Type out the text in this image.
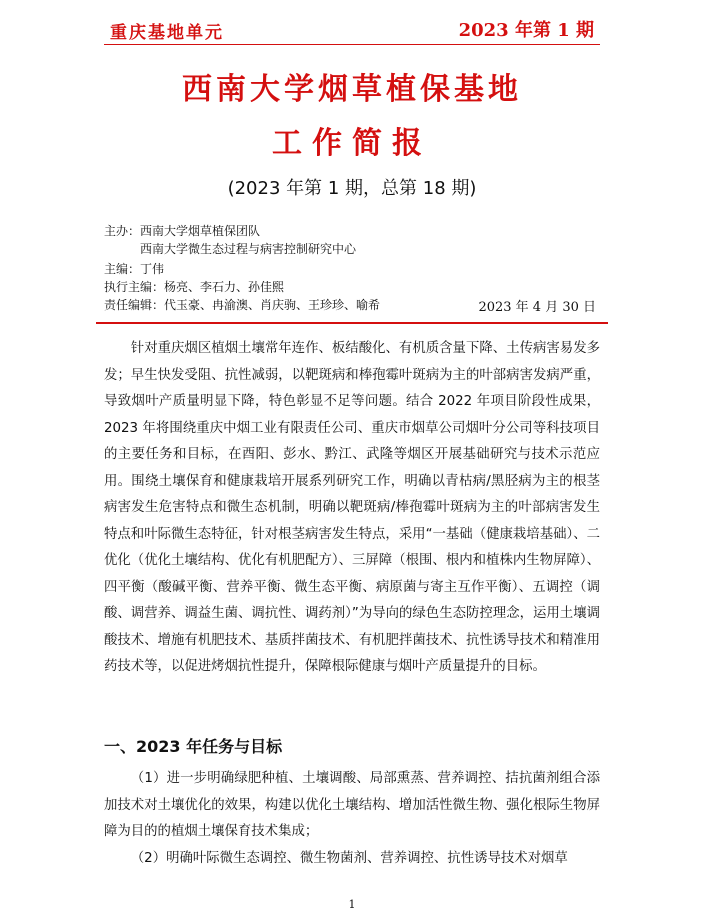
重庆基地单元	2023 年第 1 期
西南大学烟草植保基地
工作简报
(2023 年第 1 期，总第 18 期)
主办：西南大学烟草植保团队
西南大学微生态过程与病害控制研究中心
主编：丁伟
执行主编：杨亮、李石力、孙佳熙
责任编辑：代玉豪、冉渝澳、肖庆驹、王珍珍、喻希	2023 年 4 月 30 日
针对重庆烟区植烟土壤常年连作、板结酸化、有机质含量下降、土传病害易发多发；早生快发受阻、抗性减弱，以靶斑病和棒孢霉叶斑病为主的叶部病害发病严重，导致烟叶产质量明显下降，特色彰显不足等问题。结合 2022 年项目阶段性成果，2023 年将围绕重庆中烟工业有限责任公司、重庆市烟草公司烟叶分公司等科技项目的主要任务和目标，在酉阳、彭水、黔江、武隆等烟区开展基础研究与技术示范应用。围绕土壤保育和健康栽培开展系列研究工作，明确以青枯病/黑胫病为主的根茎病害发生危害特点和微生态机制，明确以靶斑病/棒孢霉叶斑病为主的叶部病害发生特点和叶际微生态特征，针对根茎病害发生特点，采用“一基础（健康栽培基础）、二优化（优化土壤结构、优化有机肥配方）、三屏障（根围、根内和植株内生物屏障）、四平衡（酸碱平衡、营养平衡、微生态平衡、病原菌与寄主互作平衡）、五调控（调酸、调营养、调益生菌、调抗性、调药剂）”为导向的绿色生态防控理念，运用土壤调酸技术、增施有机肥技术、基质拌菌技术、有机肥拌菌技术、抗性诱导技术和精准用药技术等，以促进烤烟抗性提升，保障根际健康与烟叶产质量提升的目标。
一、2023 年任务与目标
（1）进一步明确绿肥种植、土壤调酸、局部熏蒸、营养调控、拮抗菌剂组合添加技术对土壤优化的效果，构建以优化土壤结构、增加活性微生物、强化根际生物屏障为目的的植烟土壤保育技术集成；
（2）明确叶际微生态调控、微生物菌剂、营养调控、抗性诱导技术对烟草
1
